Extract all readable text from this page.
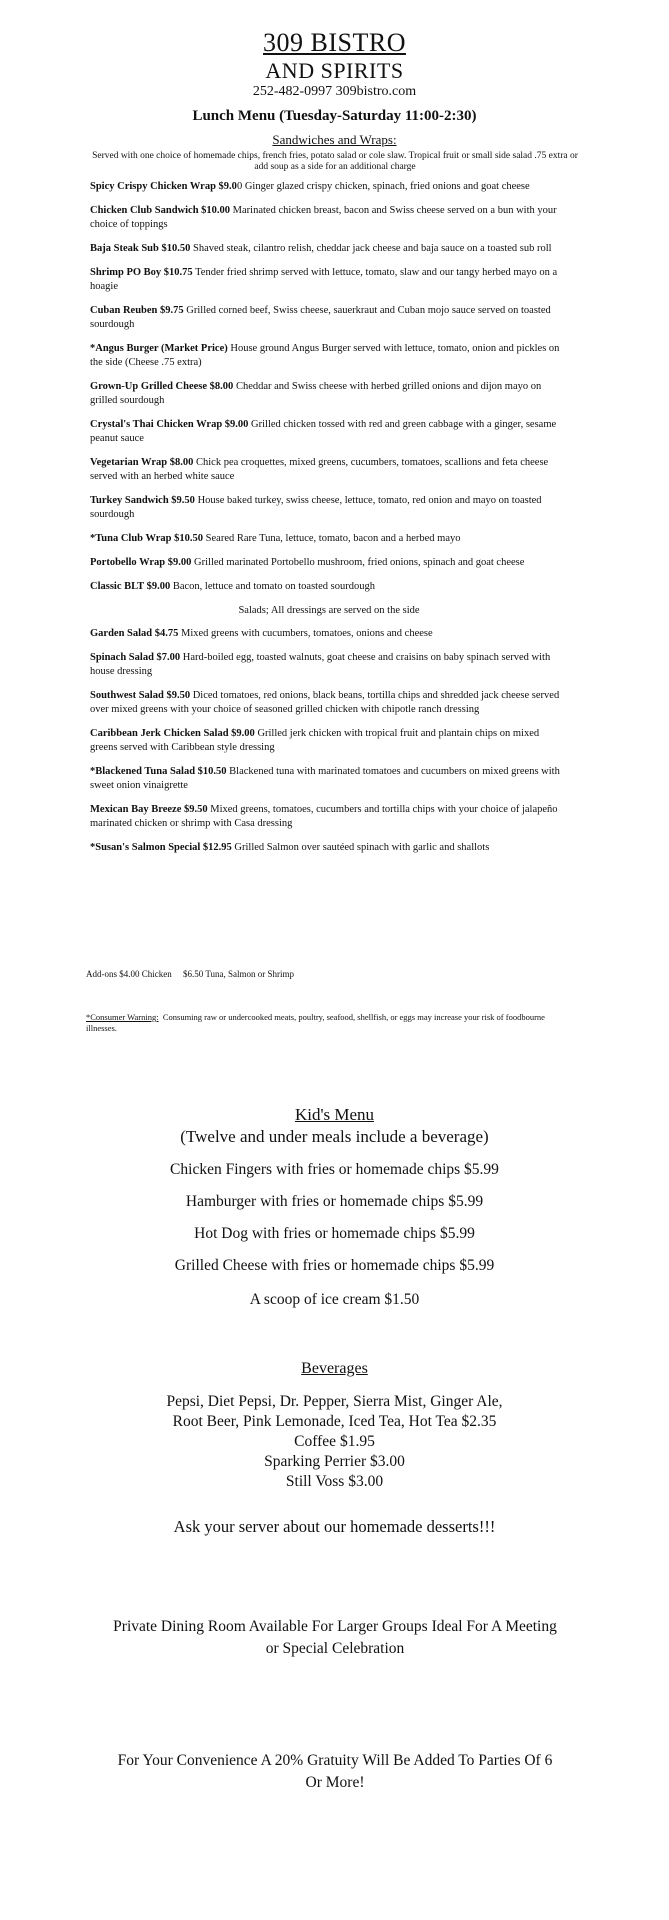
309 BISTRO
AND SPIRITS
252-482-0997 309bistro.com
Lunch Menu (Tuesday-Saturday 11:00-2:30)
Sandwiches and Wraps:
Served with one choice of homemade chips, french fries, potato salad or cole slaw. Tropical fruit or small side salad .75 extra or add soup as a side for an additional charge
Spicy Crispy Chicken Wrap $9.00 Ginger glazed crispy chicken, spinach, fried onions and goat cheese
Chicken Club Sandwich $10.00 Marinated chicken breast, bacon and Swiss cheese served on a bun with your choice of toppings
Baja Steak Sub $10.50 Shaved steak, cilantro relish, cheddar jack cheese and baja sauce on a toasted sub roll
Shrimp PO Boy $10.75 Tender fried shrimp served with lettuce, tomato, slaw and our tangy herbed mayo on a hoagie
Cuban Reuben $9.75 Grilled corned beef, Swiss cheese, sauerkraut and Cuban mojo sauce served on toasted sourdough
*Angus Burger (Market Price) House ground Angus Burger served with lettuce, tomato, onion and pickles on the side (Cheese .75 extra)
Grown-Up Grilled Cheese $8.00 Cheddar and Swiss cheese with herbed grilled onions and dijon mayo on grilled sourdough
Crystal's Thai Chicken Wrap $9.00 Grilled chicken tossed with red and green cabbage with a ginger, sesame peanut sauce
Vegetarian Wrap $8.00 Chick pea croquettes, mixed greens, cucumbers, tomatoes, scallions and feta cheese served with an herbed white sauce
Turkey Sandwich $9.50 House baked turkey, swiss cheese, lettuce, tomato, red onion and mayo on toasted sourdough
*Tuna Club Wrap $10.50 Seared Rare Tuna, lettuce, tomato, bacon and a herbed mayo
Portobello Wrap $9.00 Grilled marinated Portobello mushroom, fried onions, spinach and goat cheese
Classic BLT $9.00 Bacon, lettuce and tomato on toasted sourdough
Salads; All dressings are served on the side
Garden Salad $4.75 Mixed greens with cucumbers, tomatoes, onions and cheese
Spinach Salad $7.00 Hard-boiled egg, toasted walnuts, goat cheese and craisins on baby spinach served with house dressing
Southwest Salad $9.50 Diced tomatoes, red onions, black beans, tortilla chips and shredded jack cheese served over mixed greens with your choice of seasoned grilled chicken with chipotle ranch dressing
Caribbean Jerk Chicken Salad $9.00 Grilled jerk chicken with tropical fruit and plantain chips on mixed greens served with Caribbean style dressing
*Blackened Tuna Salad $10.50 Blackened tuna with marinated tomatoes and cucumbers on mixed greens with sweet onion vinaigrette
Mexican Bay Breeze $9.50 Mixed greens, tomatoes, cucumbers and tortilla chips with your choice of jalapeño marinated chicken or shrimp with Casa dressing
*Susan's Salmon Special $12.95 Grilled Salmon over sautéed spinach with garlic and shallots
Add-ons $4.00 Chicken     $6.50 Tuna, Salmon or Shrimp
*Consumer Warning:  Consuming raw or undercooked meats, poultry, seafood, shellfish, or eggs may increase your risk of foodbourne illnesses.
Kid's Menu
(Twelve and under meals include a beverage)
Chicken Fingers with fries or homemade chips $5.99
Hamburger with fries or homemade chips $5.99
Hot Dog with fries or homemade chips $5.99
Grilled Cheese with fries or homemade chips $5.99
A scoop of ice cream $1.50
Beverages
Pepsi, Diet Pepsi, Dr. Pepper, Sierra Mist, Ginger Ale,
Root Beer, Pink Lemonade, Iced Tea, Hot Tea $2.35
Coffee $1.95
Sparking Perrier $3.00
Still Voss $3.00
Ask your server about our homemade desserts!!!
Private Dining Room Available For Larger Groups Ideal For A Meeting or Special Celebration
For Your Convenience A 20% Gratuity Will Be Added To Parties Of 6 Or More!
